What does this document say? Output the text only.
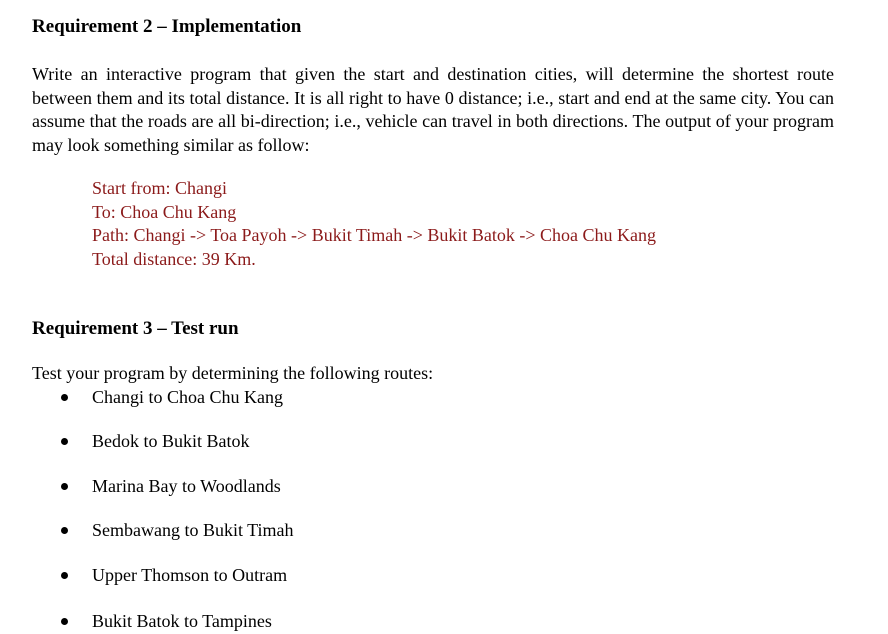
Requirement 2 – Implementation
Write an interactive program that given the start and destination cities, will determine the shortest route between them and its total distance. It is all right to have 0 distance; i.e., start and end at the same city. You can assume that the roads are all bi-direction; i.e., vehicle can travel in both directions. The output of your program may look something similar as follow:
Start from: Changi
To: Choa Chu Kang
Path: Changi -> Toa Payoh -> Bukit Timah -> Bukit Batok -> Choa Chu Kang
Total distance: 39 Km.
Requirement 3 – Test run
Test your program by determining the following routes:
Changi to Choa Chu Kang
Bedok to Bukit Batok
Marina Bay to Woodlands
Sembawang to Bukit Timah
Upper Thomson to Outram
Bukit Batok to Tampines
